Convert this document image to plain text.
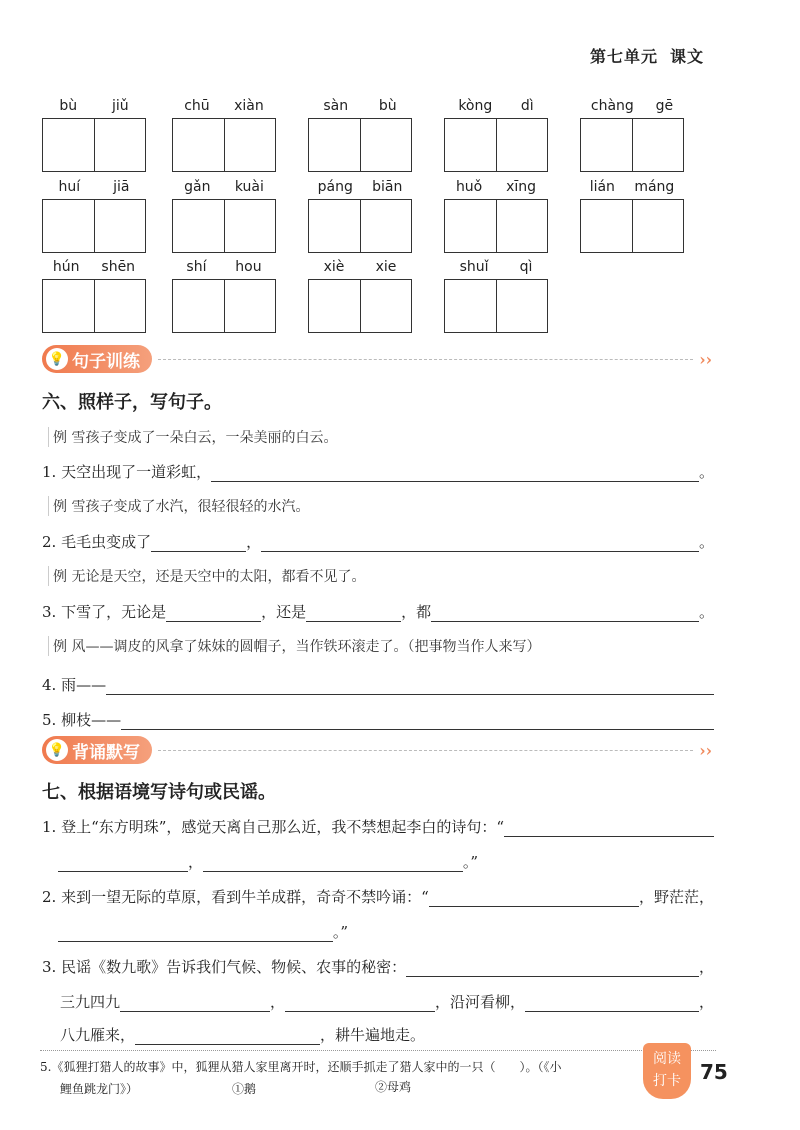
第七单元 课文
bù jiǔ	chū xiàn	sàn bù	kòng dì	chàng gē
huí jiā	gǎn kuài	páng biān	huǒ xīng	lián máng
hún shēn	shí hou	xiè xie	shuǐ qì
💡 句子训练	››
六、照样子，写句子。
例 雪孩子变成了一朵白云，一朵美丽的白云。
1. 天空出现了一道彩虹，	。
例 雪孩子变成了水汽，很轻很轻的水汽。
2. 毛毛虫变成了	，	。
例 无论是天空，还是天空中的太阳，都看不见了。
3. 下雪了，无论是	，还是	，都	。
例 风——调皮的风拿了妹妹的圆帽子，当作铁环滚走了。（把事物当作人来写）
4. 雨——
5. 柳枝——
💡 背诵默写	››
七、根据语境写诗句或民谣。
1. 登上“东方明珠”，感觉天离自己那么近，我不禁想起李白的诗句：“
，	。”
2. 来到一望无际的草原，看到牛羊成群，奇奇不禁吟诵：“	，野茫茫，
。”
3. 民谣《数九歌》告诉我们气候、物候、农事的秘密：	，
三九四九	，	，沿河看柳，	，
八九雁来，	，耕牛遍地走。
5.《狐狸打猎人的故事》中，狐狸从猎人家里离开时，还顺手抓走了猎人家中的一只（　　）。（《小
鲤鱼跳龙门》）	①鹅	②母鸡
阅读
打卡 75
